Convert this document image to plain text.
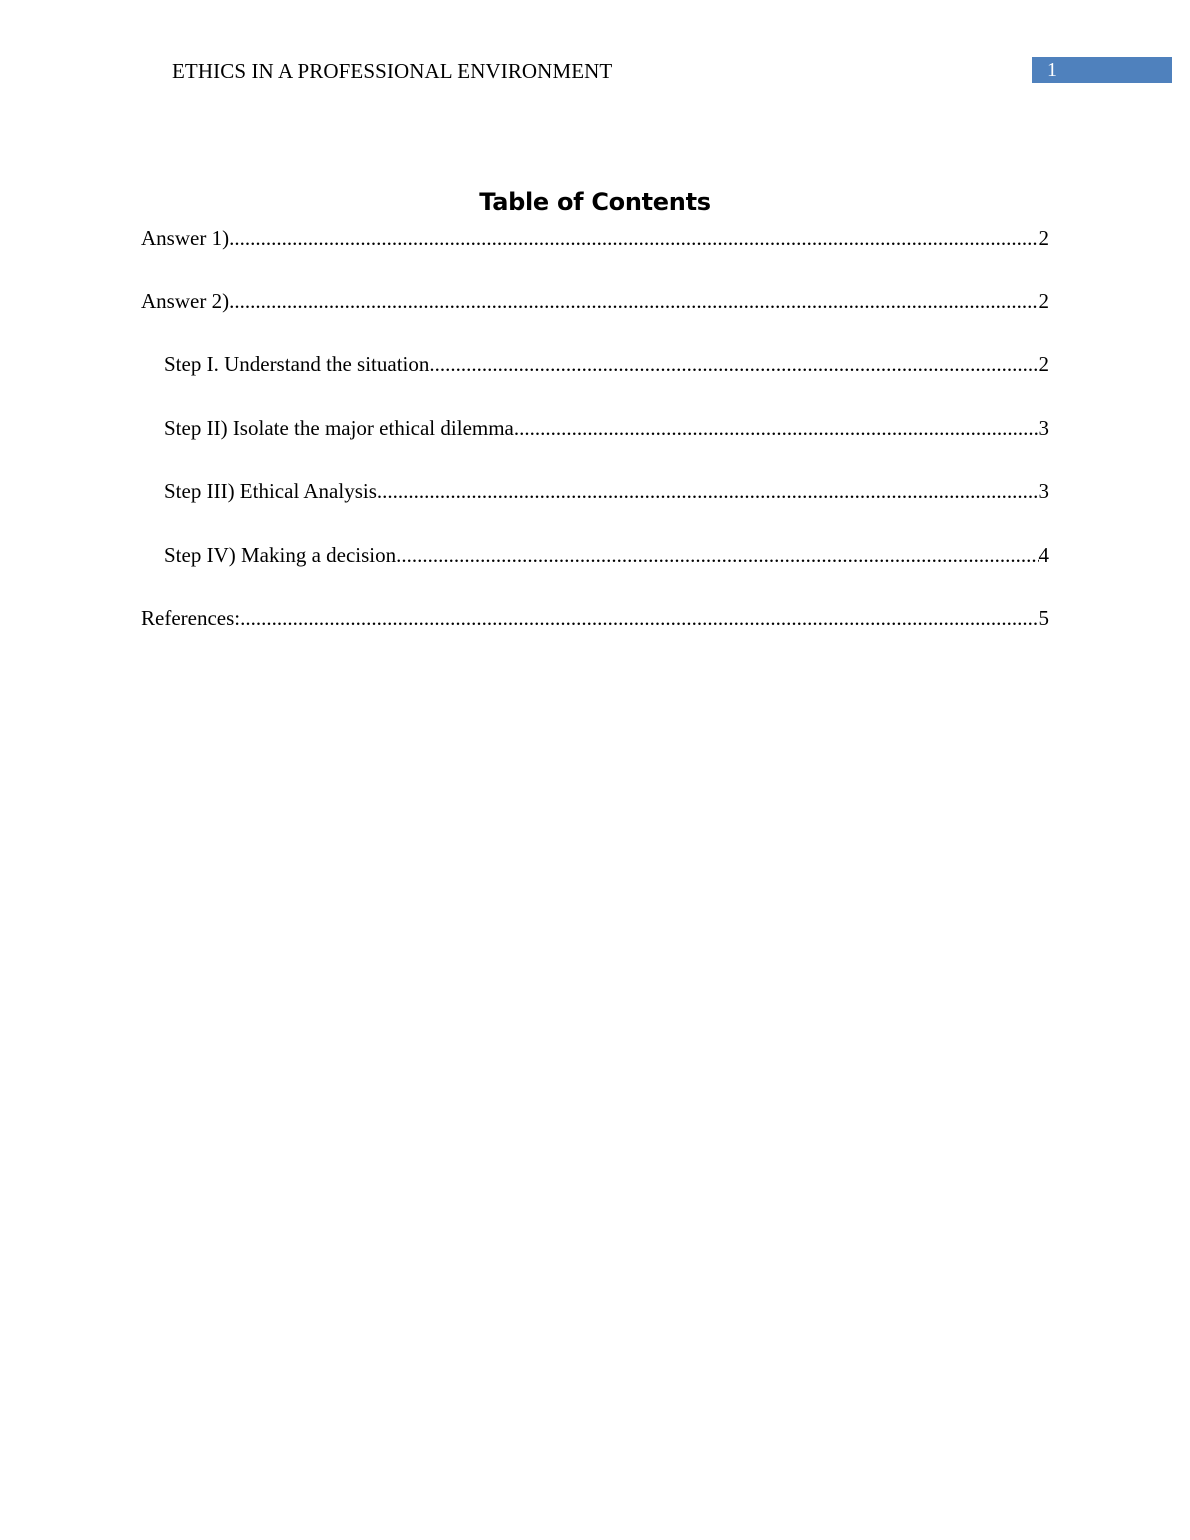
ETHICS IN A PROFESSIONAL ENVIRONMENT	1
Table of Contents
Answer 1) .....	2
Answer 2) .....	2
Step I. Understand the situation .....	2
Step II) Isolate the major ethical dilemma .....	3
Step III) Ethical Analysis .....	3
Step IV) Making a decision .....	4
References: .....	5
